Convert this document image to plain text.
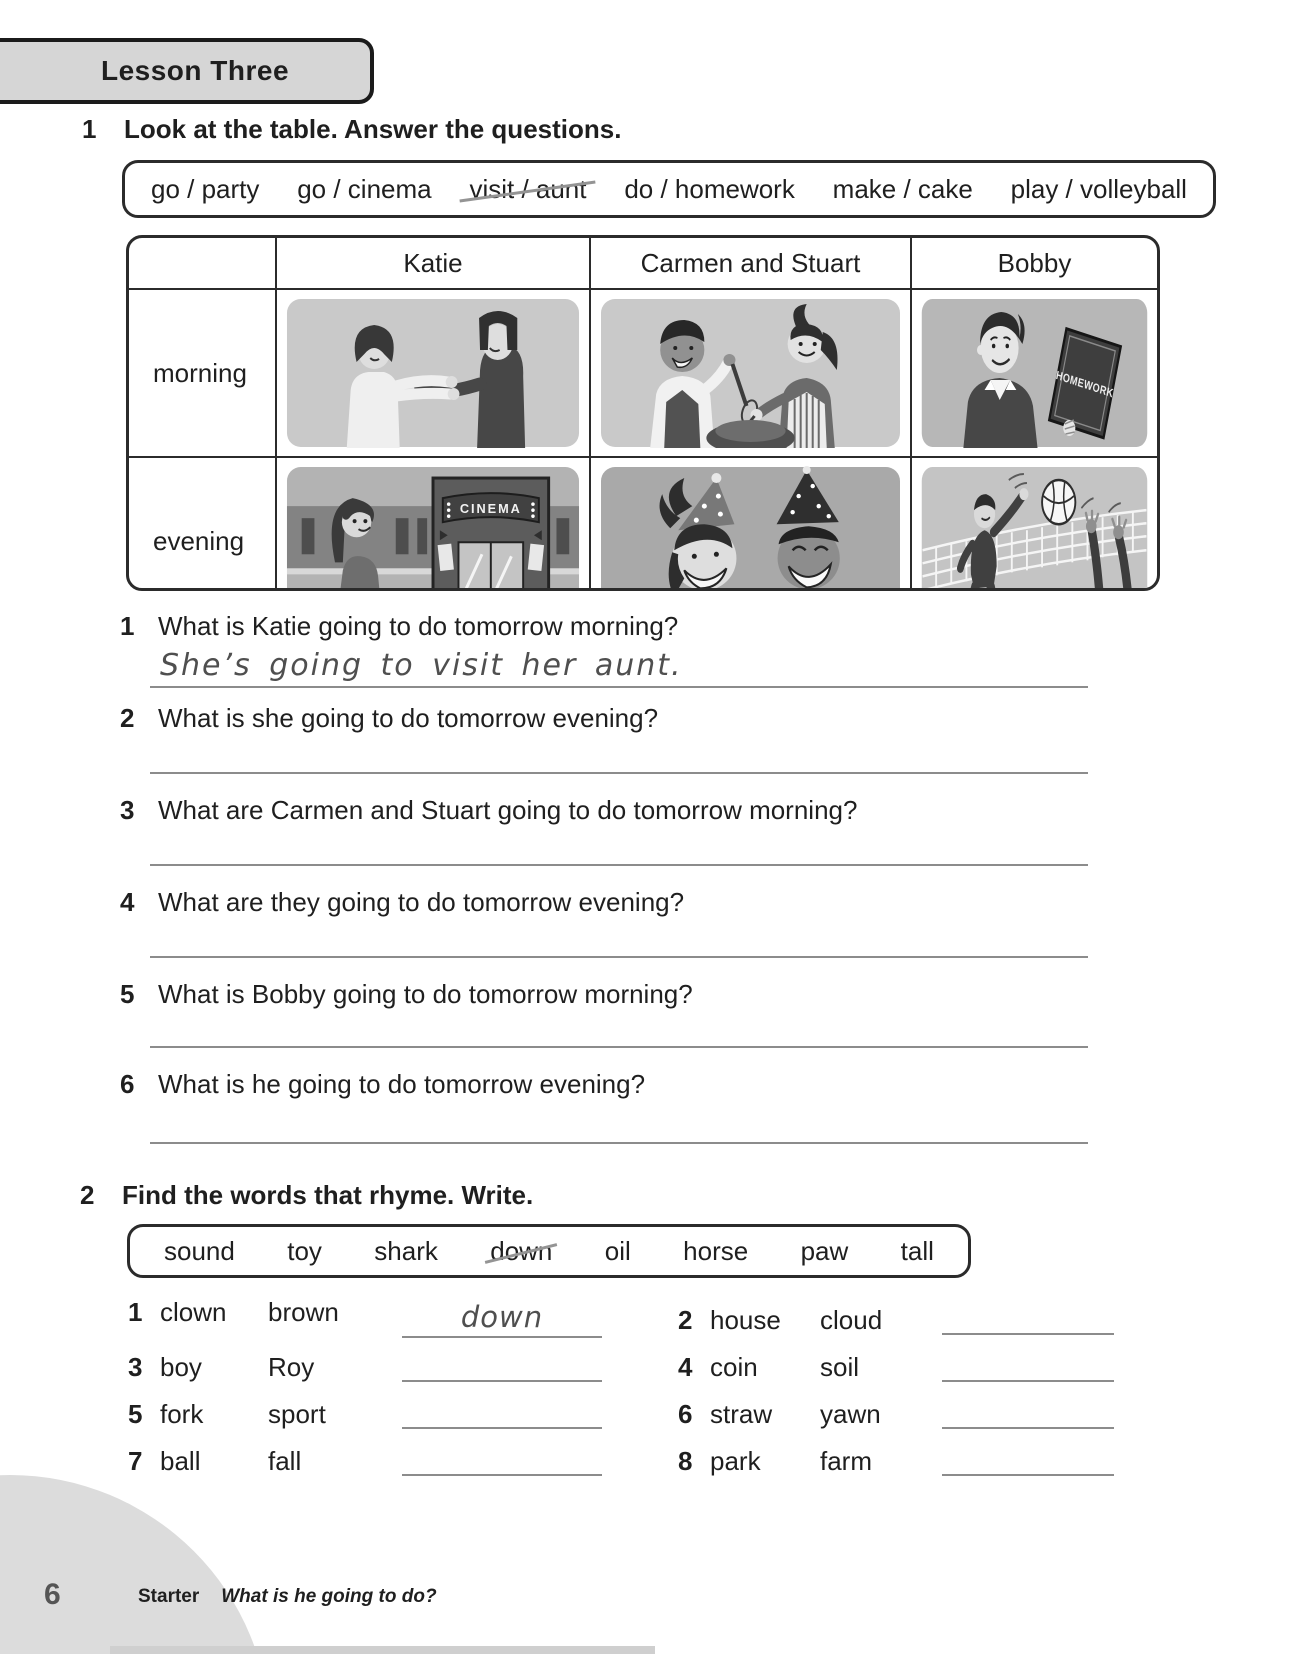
Lesson Three
1 Look at the table. Answer the questions.
go / party go / cinema visit / aunt do / homework make / cake play / volleyball
Katie	Carmen and Stuart	Bobby
morning	HOMEWORK
evening
CINEMA
1 What is Katie going to do tomorrow morning?
She’s going to visit her aunt.
2 What is she going to do tomorrow evening?
3 What are Carmen and Stuart going to do tomorrow morning?
4 What are they going to do tomorrow evening?
5 What is Bobby going to do tomorrow morning?
6 What is he going to do tomorrow evening?
2 Find the words that rhyme. Write.
sound toy shark down oil horse paw tall
1 clown	brown	down
3 boy	Roy
5 fork	sport
7 ball	fall
2 house	cloud
4 coin	soil
6 straw	yawn
8 park	farm
6	Starter What is he going to do?
